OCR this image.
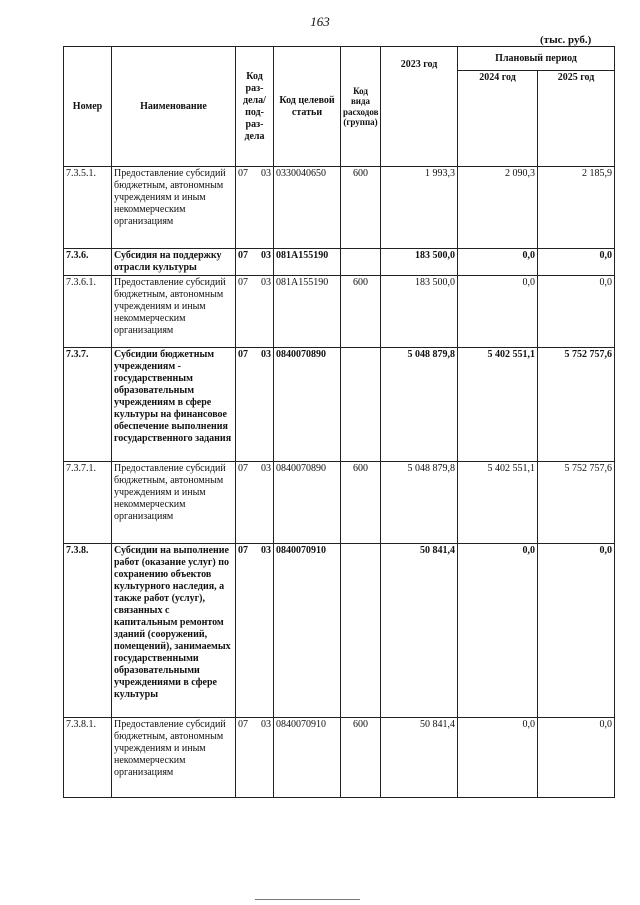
163
(тыс. руб.)
Номер	Наименование	Код раз-дела/ под-раз-дела	Код целевой статьи	Код вида расходов (группа)	2023 год	Плановый период	
						2024 год	2025 год
7.3.5.1.	Предоставление субсидий бюджетным, автономным учреждениям и иным некоммерческим организациям	07 03	0330040650	600	1 993,3	2 090,3	2 185,9
7.3.6.	Субсидия на поддержку отрасли культуры	07 03	081А155190		183 500,0	0,0	0,0
7.3.6.1.	Предоставление субсидий бюджетным, автономным учреждениям и иным некоммерческим организациям	07 03	081А155190	600	183 500,0	0,0	0,0
7.3.7.	Субсидии бюджетным учреждениям - государственным образовательным учреждениям в сфере культуры на финансовое обеспечение выполнения государственного задания	07 03	0840070890		5 048 879,8	5 402 551,1	5 752 757,6
7.3.7.1.	Предоставление субсидий бюджетным, автономным учреждениям и иным некоммерческим организациям	07 03	0840070890	600	5 048 879,8	5 402 551,1	5 752 757,6
7.3.8.	Субсидии на выполнение работ (оказание услуг) по сохранению объектов культурного наследия, а также работ (услуг), связанных с капитальным ремонтом зданий (сооружений, помещений), занимаемых государственными образовательными учреждениями в сфере культуры	07 03	0840070910		50 841,4	0,0	0,0
7.3.8.1.	Предоставление субсидий бюджетным, автономным учреждениям и иным некоммерческим организациям	07 03	0840070910	600	50 841,4	0,0	0,0
